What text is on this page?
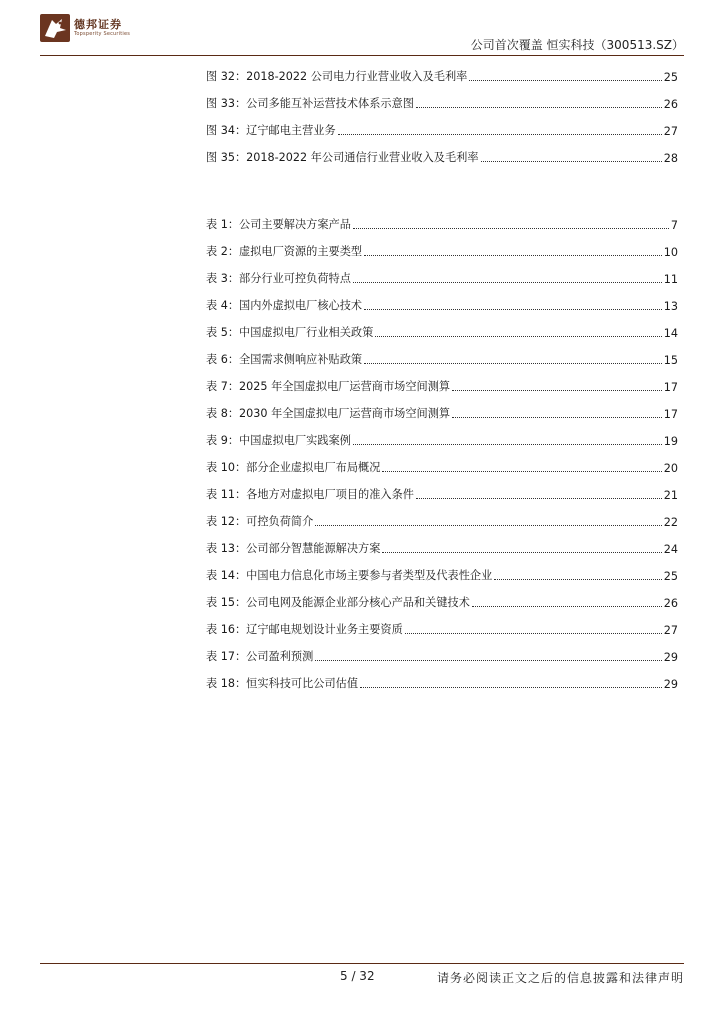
德邦证券
Topsperity Securities
公司首次覆盖 恒实科技（300513.SZ）
图 32：2018-2022 公司电力行业营业收入及毛利率	25
图 33：公司多能互补运营技术体系示意图	26
图 34：辽宁邮电主营业务	27
图 35：2018-2022 年公司通信行业营业收入及毛利率	28
表 1：公司主要解决方案产品	7
表 2：虚拟电厂资源的主要类型	10
表 3：部分行业可控负荷特点	11
表 4：国内外虚拟电厂核心技术	13
表 5：中国虚拟电厂行业相关政策	14
表 6：全国需求侧响应补贴政策	15
表 7：2025 年全国虚拟电厂运营商市场空间测算	17
表 8：2030 年全国虚拟电厂运营商市场空间测算	17
表 9：中国虚拟电厂实践案例	19
表 10：部分企业虚拟电厂布局概况	20
表 11：各地方对虚拟电厂项目的准入条件	21
表 12：可控负荷简介	22
表 13：公司部分智慧能源解决方案	24
表 14：中国电力信息化市场主要参与者类型及代表性企业	25
表 15：公司电网及能源企业部分核心产品和关键技术	26
表 16：辽宁邮电规划设计业务主要资质	27
表 17：公司盈利预测	29
表 18：恒实科技可比公司估值	29
5 / 32	请务必阅读正文之后的信息披露和法律声明
